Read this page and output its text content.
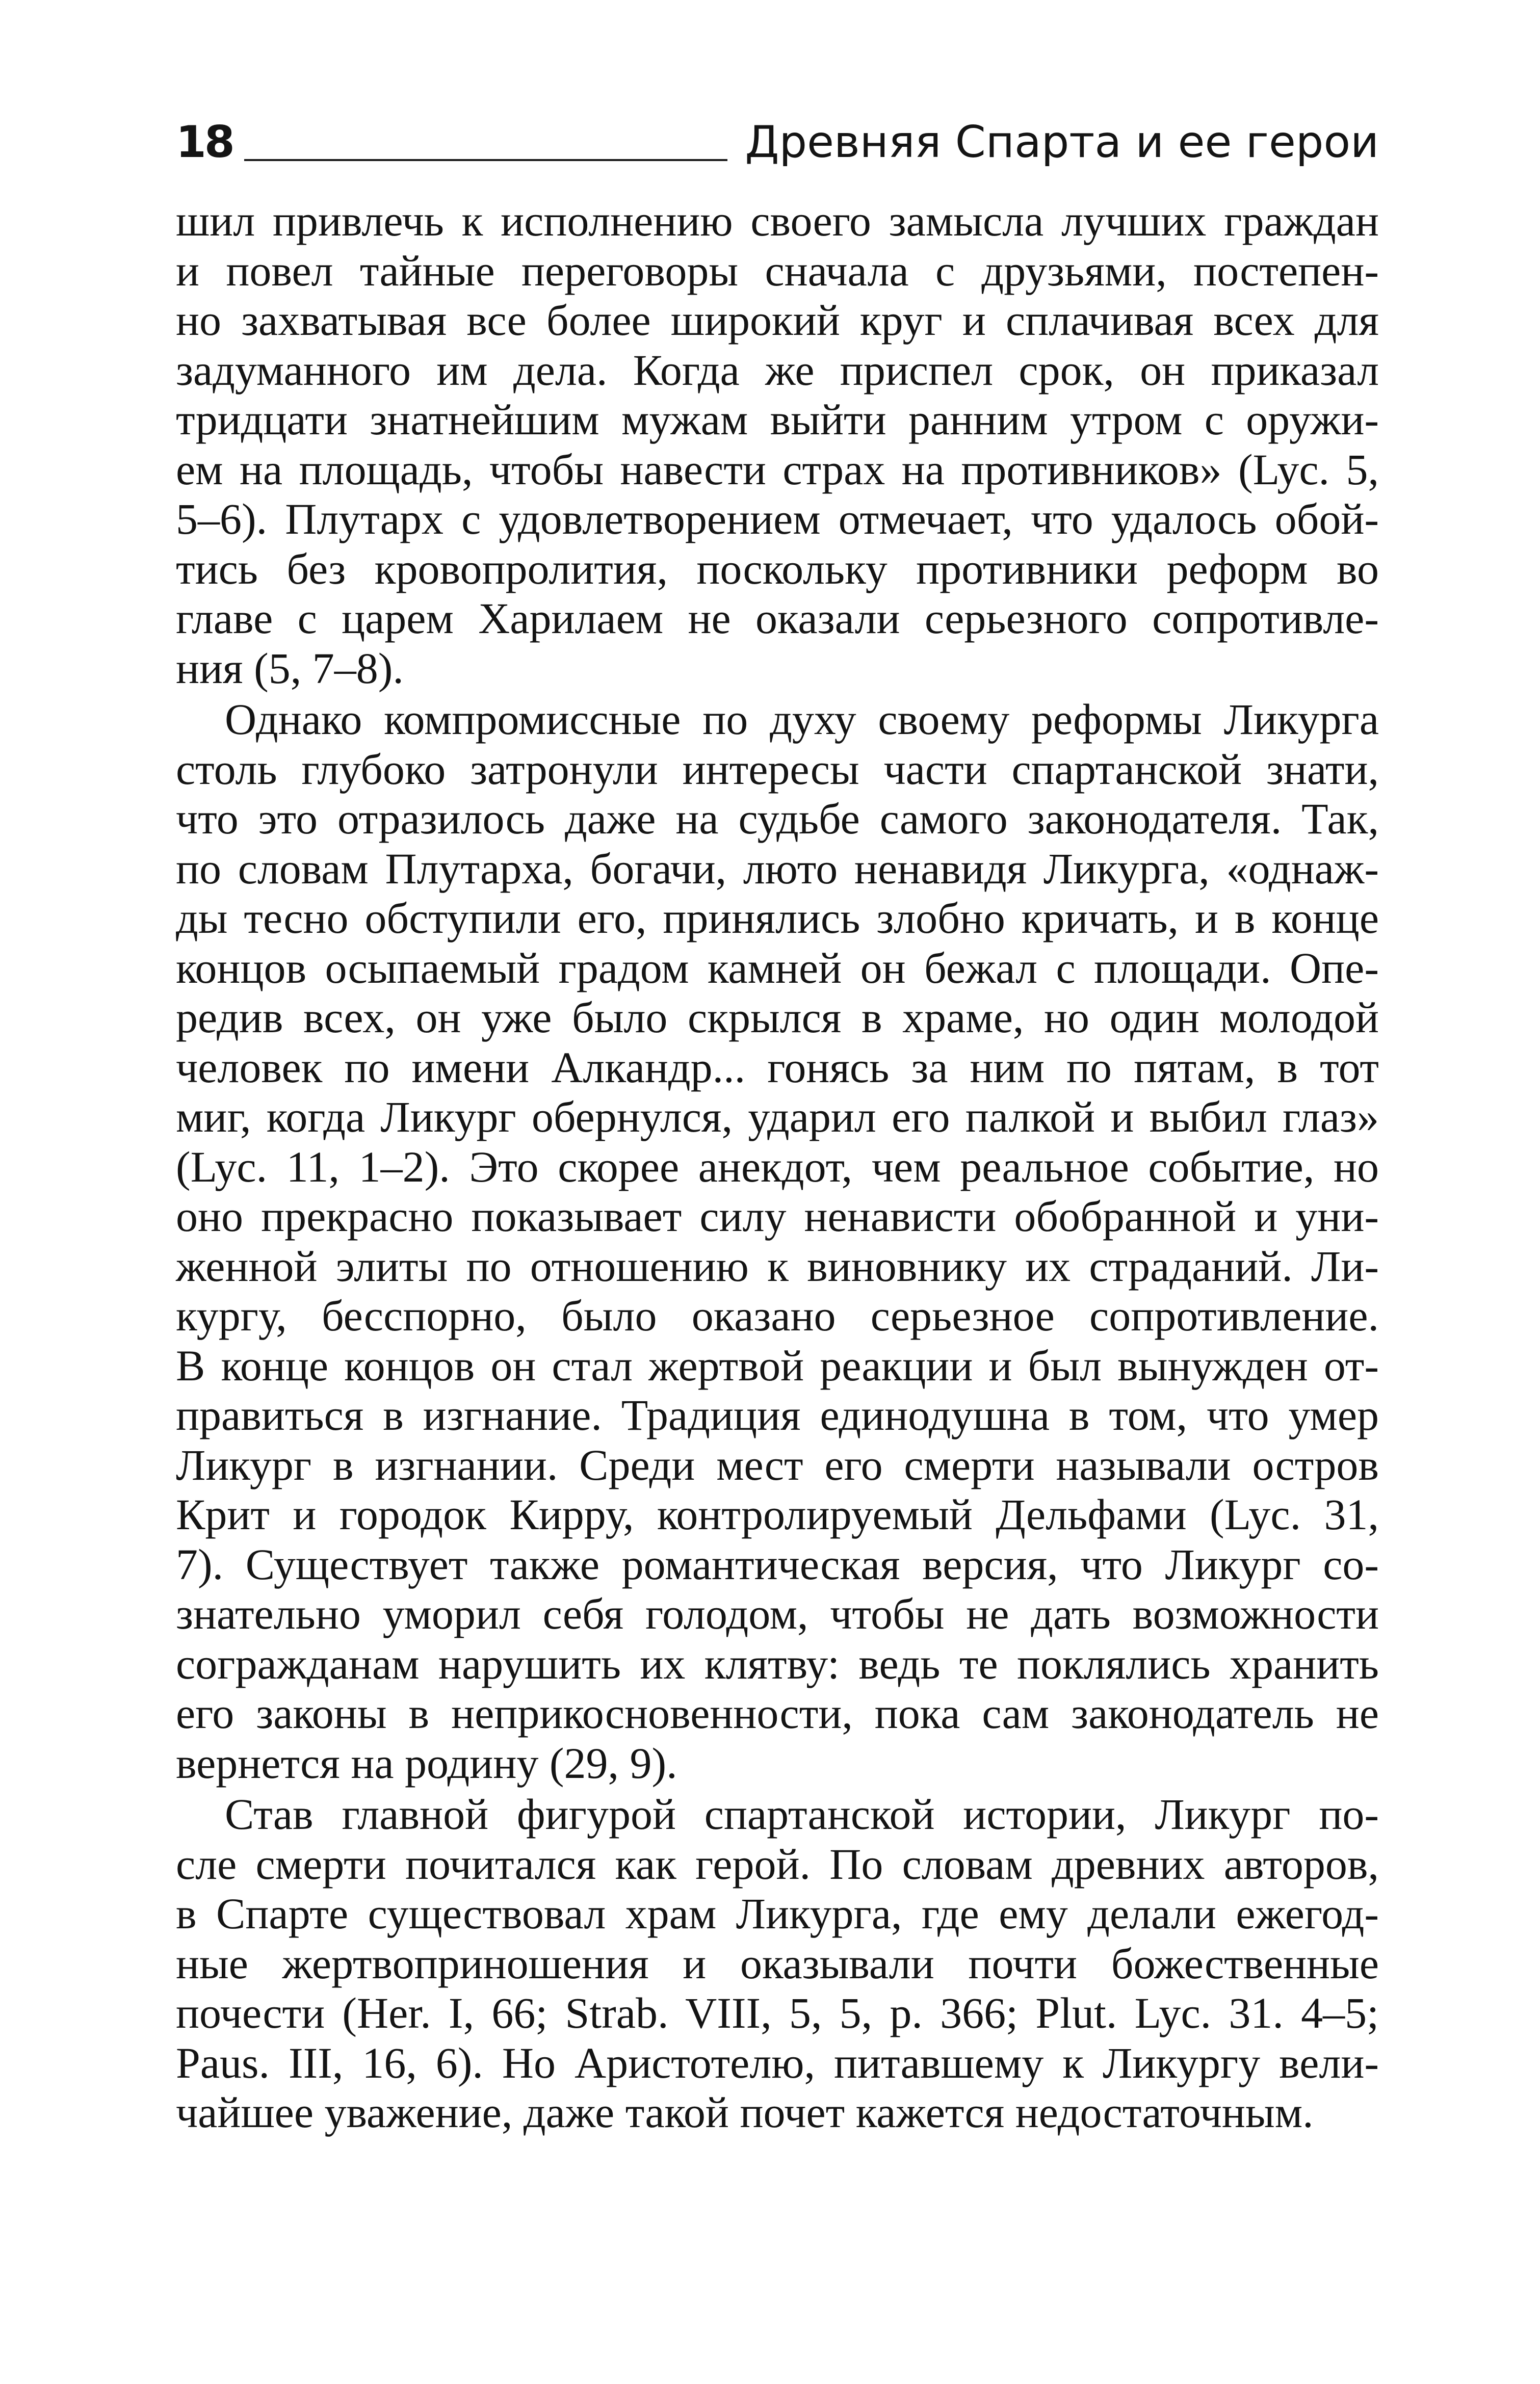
18	Древняя Спарта и ее герои

шил привлечь к исполнению своего замысла лучших граждан
и повел тайные переговоры сначала с друзьями, постепен-
но захватывая все более широкий круг и сплачивая всех для
задуманного им дела. Когда же приспел срок, он приказал
тридцати знатнейшим мужам выйти ранним утром с оружи-
ем на площадь, чтобы навести страх на противников» (Lyc. 5,
5–6). Плутарх с удовлетворением отмечает, что удалось обой-
тись без кровопролития, поскольку противники реформ во
главе с царем Харилаем не оказали серьезного сопротивле-
ния (5, 7–8).

Однако компромиссные по духу своему реформы Ликурга
столь глубоко затронули интересы части спартанской знати,
что это отразилось даже на судьбе самого законодателя. Так,
по словам Плутарха, богачи, люто ненавидя Ликурга, «однаж-
ды тесно обступили его, принялись злобно кричать, и в конце
концов осыпаемый градом камней он бежал с площади. Опе-
редив всех, он уже было скрылся в храме, но один молодой
человек по имени Алкандр... гонясь за ним по пятам, в тот
миг, когда Ликург обернулся, ударил его палкой и выбил глаз»
(Lyc. 11, 1–2). Это скорее анекдот, чем реальное событие, но
оно прекрасно показывает силу ненависти обобранной и уни-
женной элиты по отношению к виновнику их страданий. Ли-
кургу, бесспорно, было оказано серьезное сопротивление.
В конце концов он стал жертвой реакции и был вынужден от-
правиться в изгнание. Традиция единодушна в том, что умер
Ликург в изгнании. Среди мест его смерти называли остров
Крит и городок Кирру, контролируемый Дельфами (Lyc. 31,
7). Существует также романтическая версия, что Ликург со-
знательно уморил себя голодом, чтобы не дать возможности
согражданам нарушить их клятву: ведь те поклялись хранить
его законы в неприкосновенности, пока сам законодатель не
вернется на родину (29, 9).

Став главной фигурой спартанской истории, Ликург по-
сле смерти почитался как герой. По словам древних авторов,
в Спарте существовал храм Ликурга, где ему делали ежегод-
ные жертвоприношения и оказывали почти божественные
почести (Her. I, 66; Strab. VIII, 5, 5, p. 366; Plut. Lyc. 31. 4–5;
Paus. III, 16, 6). Но Аристотелю, питавшему к Ликургу вели-
чайшее уважение, даже такой почет кажется недостаточным.
